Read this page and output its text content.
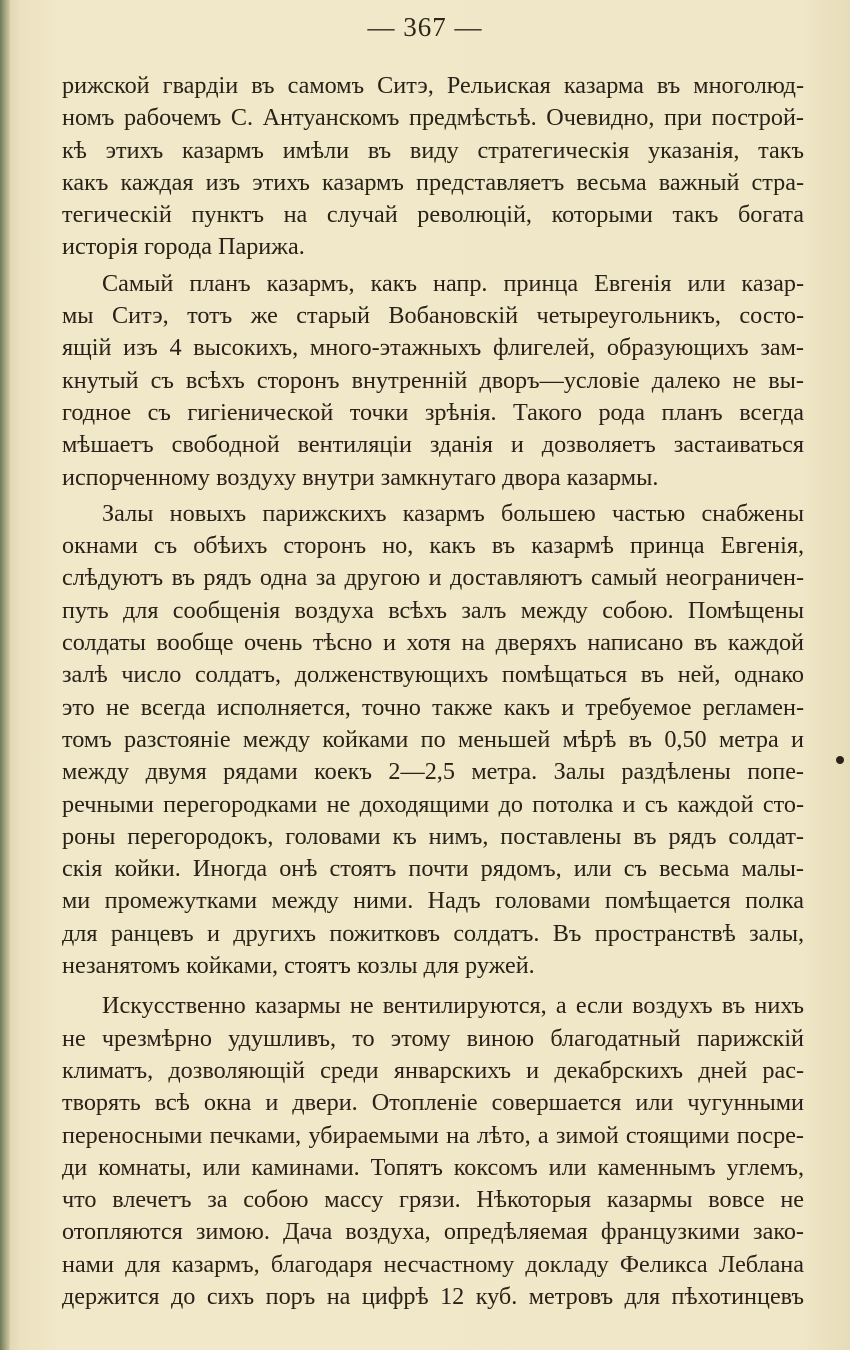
— 367 —
рижской гвардіи въ самомъ Ситэ, Рельиская казарма въ многолюд-
номъ рабочемъ С. Антуанскомъ предмѣстьѣ. Очевидно, при построй-
кѣ этихъ казармъ имѣли въ виду стратегическія указанія, такъ
какъ каждая изъ этихъ казармъ представляетъ весьма важный стра-
тегическій пунктъ на случай революцій, которыми такъ богата
исторія города Парижа.
Самый планъ казармъ, какъ напр. принца Евгенія или казар-
мы Ситэ, тотъ же старый Вобановскій четыреугольникъ, состо-
ящій изъ 4 высокихъ, много-этажныхъ флигелей, образующихъ зам-
кнутый съ всѣхъ сторонъ внутренній дворъ—условіе далеко не вы-
годное съ гигіенической точки зрѣнія. Такого рода планъ всегда
мѣшаетъ свободной вентиляціи зданія и дозволяетъ застаиваться
испорченному воздуху внутри замкнутаго двора казармы.
Залы новыхъ парижскихъ казармъ большею частью снабжены
окнами съ обѣихъ сторонъ но, какъ въ казармѣ принца Евгенія,
слѣдуютъ въ рядъ одна за другою и доставляютъ самый неограничен-
путь для сообщенія воздуха всѣхъ залъ между собою. Помѣщены
солдаты вообще очень тѣсно и хотя на дверяхъ написано въ каждой
залѣ число солдатъ, долженствующихъ помѣщаться въ ней, однако
это не всегда исполняется, точно также какъ и требуемое регламен-
томъ разстояніе между койками по меньшей мѣрѣ въ 0,50 метра и
между двумя рядами коекъ 2—2,5 метра. Залы раздѣлены попе-
речными перегородками не доходящими до потолка и съ каждой сто-
роны перегородокъ, головами къ нимъ, поставлены въ рядъ солдат-
скія койки. Иногда онѣ стоятъ почти рядомъ, или съ весьма малы-
ми промежутками между ними. Надъ головами помѣщается полка
для ранцевъ и другихъ пожитковъ солдатъ. Въ пространствѣ залы,
незанятомъ койками, стоятъ козлы для ружей.
Искусственно казармы не вентилируются, а если воздухъ въ нихъ
не чрезмѣрно удушливъ, то этому виною благодатный парижскій
климатъ, дозволяющій среди январскихъ и декабрскихъ дней рас-
творять всѣ окна и двери. Отопленіе совершается или чугунными
переносными печками, убираемыми на лѣто, а зимой стоящими посре-
ди комнаты, или каминами. Топятъ коксомъ или каменнымъ углемъ,
что влечетъ за собою массу грязи. Нѣкоторыя казармы вовсе не
отопляются зимою. Дача воздуха, опредѣляемая французкими зако-
нами для казармъ, благодаря несчастному докладу Феликса Леблана
держится до сихъ поръ на цифрѣ 12 куб. метровъ для пѣхотинцевъ
